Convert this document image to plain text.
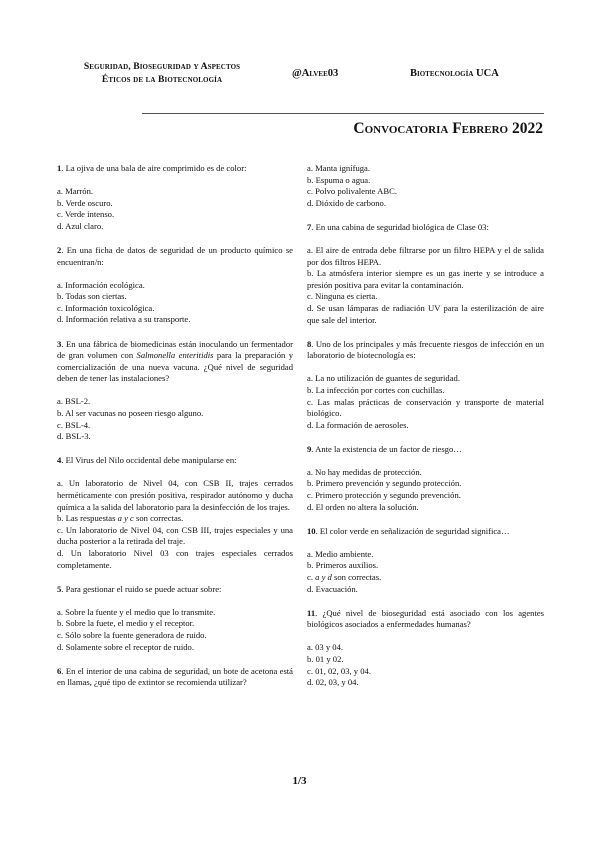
Seguridad, Bioseguridad y Aspectos
Éticos de la Biotecnología
@Alvee03	Biotecnología UCA
Convocatoria Febrero 2022
1. La ojiva de una bala de aire comprimido es de color:
a. Marrón.
b. Verde oscuro.
c. Verde intenso.
d. Azul claro.
2. En una ficha de datos de seguridad de un producto químico se encuentran/n:
a. Información ecológica.
b. Todas son ciertas.
c. Información toxicológica.
d. Información relativa a su transporte.
3. En una fábrica de biomedicinas están inoculando un fermentador de gran volumen con Salmonella enteritidis para la preparación y comercialización de una nueva vacuna. ¿Qué nivel de seguridad deben de tener las instalaciones?
a. BSL-2.
b. Al ser vacunas no poseen riesgo alguno.
c. BSL-4.
d. BSL-3.
4. El Virus del Nilo occidental debe manipularse en:
a. Un laboratorio de Nivel 04, con CSB II, trajes cerrados herméticamente con presión positiva, respirador autónomo y ducha química a la salida del laboratorio para la desinfección de los trajes.
b. Las respuestas a y c son correctas.
c. Un laboratorio de Nivel 04, con CSB III, trajes especiales y una ducha posterior a la retirada del traje.
d. Un laboratorio Nivel 03 con trajes especiales cerrados completamente.
5. Para gestionar el ruido se puede actuar sobre:
a. Sobre la fuente y el medio que lo transmite.
b. Sobre la fuete, el medio y el receptor.
c. Sólo sobre la fuente generadora de ruido.
d. Solamente sobre el receptor de ruido.
6. En el interior de una cabina de seguridad, un bote de acetona está en llamas, ¿qué tipo de extintor se recomienda utilizar?
a. Manta ignífuga.
b. Espuma o agua.
c. Polvo polivalente ABC.
d. Dióxido de carbono.
7. En una cabina de seguridad biológica de Clase 03:
a. El aire de entrada debe filtrarse por un filtro HEPA y el de salida por dos filtros HEPA.
b. La atmósfera interior siempre es un gas inerte y se introduce a presión positiva para evitar la contaminación.
c. Ninguna es cierta.
d. Se usan lámparas de radiación UV para la esterilización de aire que sale del interior.
8. Uno de los principales y más frecuente riesgos de infección en un laboratorio de biotecnología es:
a. La no utilización de guantes de seguridad.
b. La infección por cortes con cuchillas.
c. Las malas prácticas de conservación y transporte de material biológico.
d. La formación de aerosoles.
9. Ante la existencia de un factor de riesgo…
a. No hay medidas de protección.
b. Primero prevención y segundo protección.
c. Primero protección y segundo prevención.
d. El orden no altera la solución.
10. El color verde en señalización de seguridad significa…
a. Medio ambiente.
b. Primeros auxilios.
c. a y d son correctas.
d. Evacuación.
11. ¿Qué nivel de bioseguridad está asociado con los agentes biológicos asociados a enfermedades humanas?
a. 03 y 04.
b. 01 y 02.
c. 01, 02, 03, y 04.
d. 02, 03, y 04.
1/3
